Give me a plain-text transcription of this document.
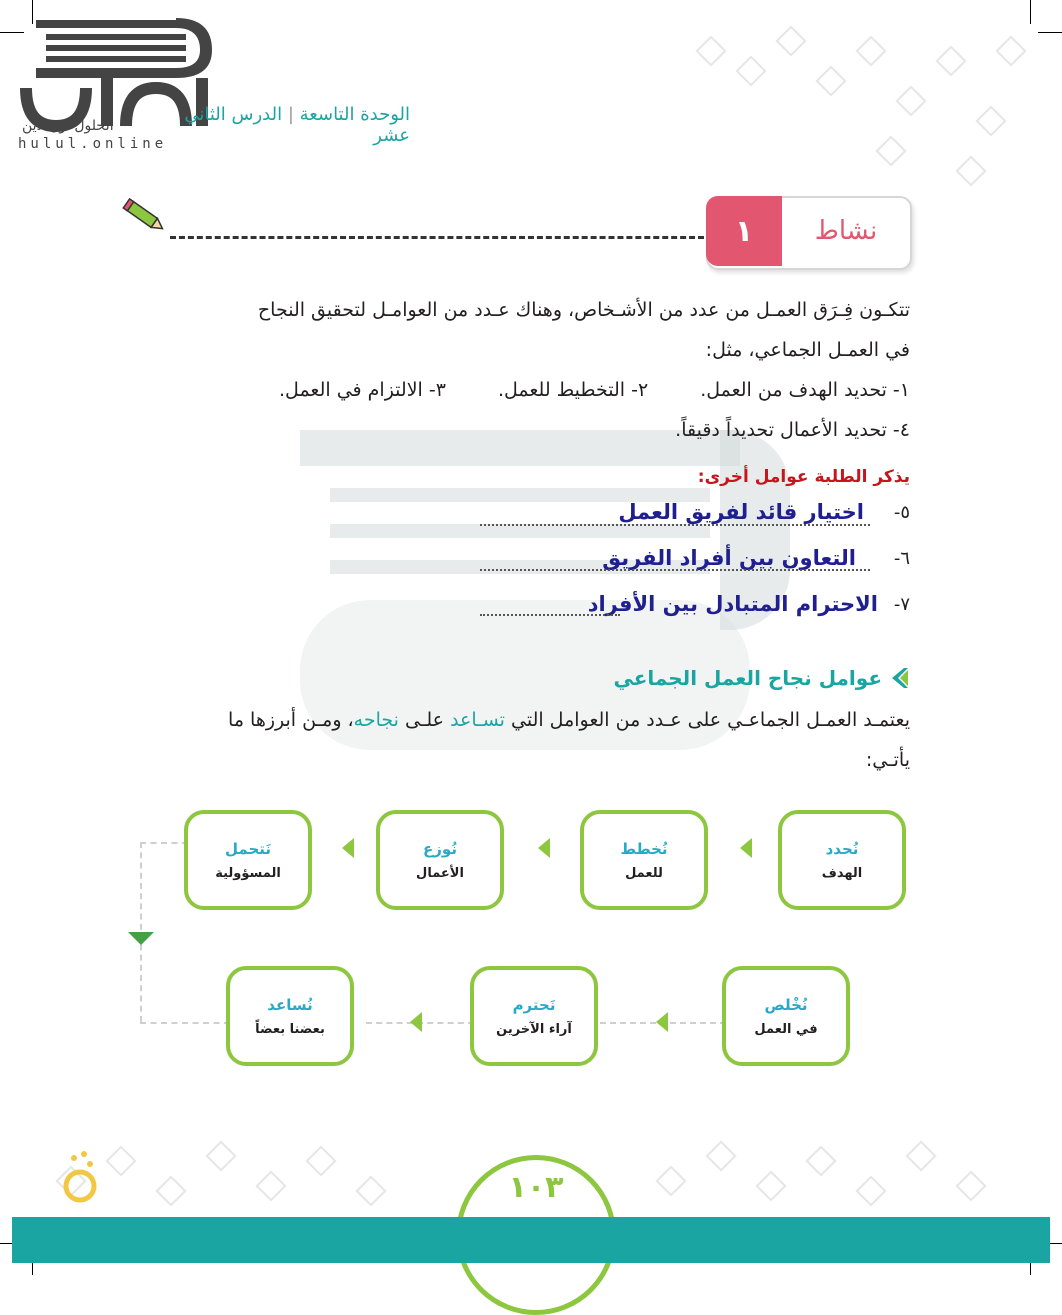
الحلول اون لاين
hulul.online
الوحدة التاسعة | الدرس الثاني عشر
١	نشاط
تتكـون فِـرَق العمـل من عدد من الأشـخاص، وهناك عـدد من العوامـل لتحقيق النجاح
في العمـل الجماعي، مثل:
١- تحديد الهدف من العمل.
٢- التخطيط للعمل.
٣- الالتزام في العمل.
٤- تحديد الأعمال تحديداً دقيقاً.
يذكر الطلبة عوامل أخرى:
٥-
اختيار قائد لفريق العمل
٦-
التعاون بين أفراد الفريق
٧-
الاحترام المتبادل بين الأفراد
عوامل نجاح العمل الجماعي
يعتمـد العمـل الجماعـي على عـدد من العوامل التي تسـاعد علـى نجاحه، ومـن أبرزها ما
يأتـي:
نُحدد
الهدف
نُخطط
للعمل
نُوزع
الأعمال
نَتحمل
المسؤولية
نُخْلص
في العمل
نَحترم
آراء الآخرين
نُساعد
بعضنا بعضاً
١٠٣
